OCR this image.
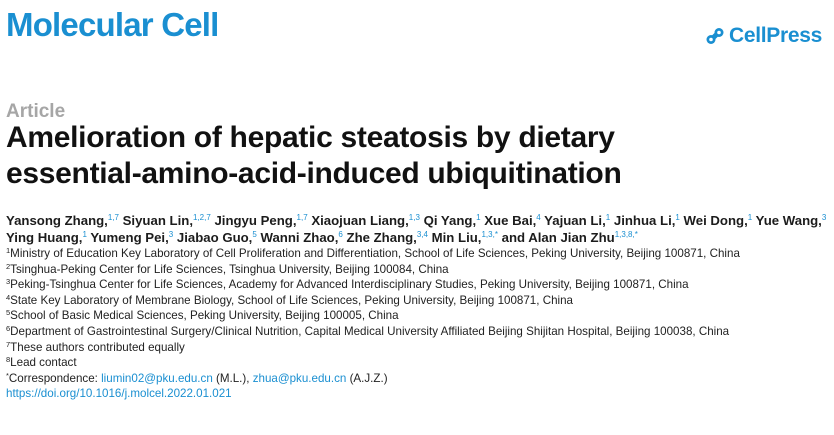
Molecular Cell	CellPress
Article
Amelioration of hepatic steatosis by dietary
essential-amino-acid-induced ubiquitination
Yansong Zhang,$^{1,7}$ Siyuan Lin,$^{1,2,7}$ Jingyu Peng,$^{1,7}$ Xiaojuan Liang,$^{1,3}$ Qi Yang,$^1$ Xue Bai,$^4$ Yajuan Li,$^1$ Jinhua Li,$^1$ Wei Dong,$^1$ Yue Wang,$^3$ Ying Huang,$^1$ Yumeng Pei,$^3$ Jiabao Guo,$^5$ Wanni Zhao,$^6$ Zhe Zhang,$^{3,4}$ Min Liu,$^{1,3,*}$ and Alan Jian Zhu$^{1,3,8,*}$

$^1$Ministry of Education Key Laboratory of Cell Proliferation and Differentiation, School of Life Sciences, Peking University, Beijing 100871, China

$^2$Tsinghua-Peking Center for Life Sciences, Tsinghua University, Beijing 100084, China

$^3$Peking-Tsinghua Center for Life Sciences, Academy for Advanced Interdisciplinary Studies, Peking University, Beijing 100871, China

$^4$State Key Laboratory of Membrane Biology, School of Life Sciences, Peking University, Beijing 100871, China

$^5$School of Basic Medical Sciences, Peking University, Beijing 100005, China

$^6$Department of Gastrointestinal Surgery/Clinical Nutrition, Capital Medical University Affiliated Beijing Shijitan Hospital, Beijing 100038, China

$^7$These authors contributed equally

$^8$Lead contact

*Correspondence: liumin02@pku.edu.cn (M.L.), zhua@pku.edu.cn (A.J.Z.)

https://doi.org/10.1016/j.molcel.2022.01.021
